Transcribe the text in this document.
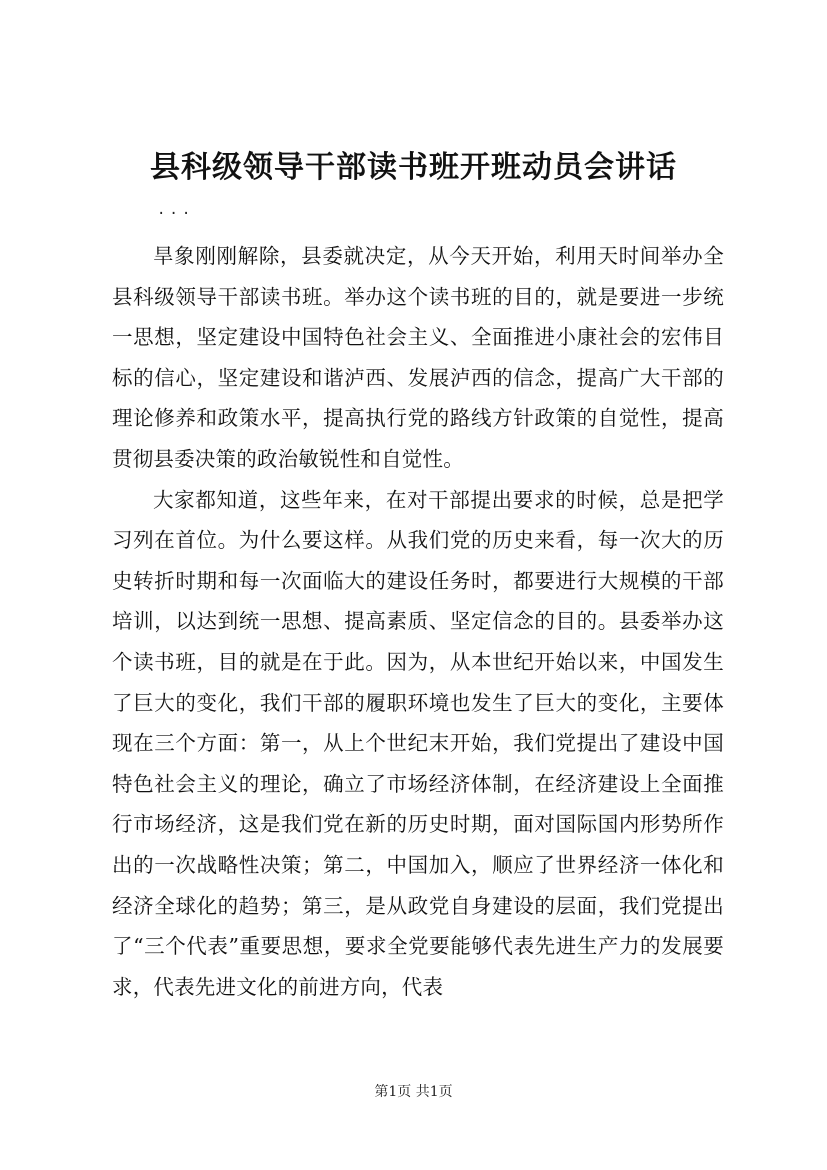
县科级领导干部读书班开班动员会讲话
...

旱象刚刚解除，县委就决定，从今天开始，利用天时间举办全县科级领导干部读书班。举办这个读书班的目的，就是要进一步统一思想，坚定建设中国特色社会主义、全面推进小康社会的宏伟目标的信心，坚定建设和谐泸西、发展泸西的信念，提高广大干部的理论修养和政策水平，提高执行党的路线方针政策的自觉性，提高贯彻县委决策的政治敏锐性和自觉性。

大家都知道，这些年来，在对干部提出要求的时候，总是把学习列在首位。为什么要这样。从我们党的历史来看，每一次大的历史转折时期和每一次面临大的建设任务时，都要进行大规模的干部培训，以达到统一思想、提高素质、坚定信念的目的。县委举办这个读书班，目的就是在于此。因为，从本世纪开始以来，中国发生了巨大的变化，我们干部的履职环境也发生了巨大的变化，主要体现在三个方面：第一，从上个世纪末开始，我们党提出了建设中国特色社会主义的理论，确立了市场经济体制，在经济建设上全面推行市场经济，这是我们党在新的历史时期，面对国际国内形势所作出的一次战略性决策；第二，中国加入，顺应了世界经济一体化和经济全球化的趋势；第三，是从政党自身建设的层面，我们党提出了“三个代表”重要思想，要求全党要能够代表先进生产力的发展要求，代表先进文化的前进方向，代表

第1页 共1页
